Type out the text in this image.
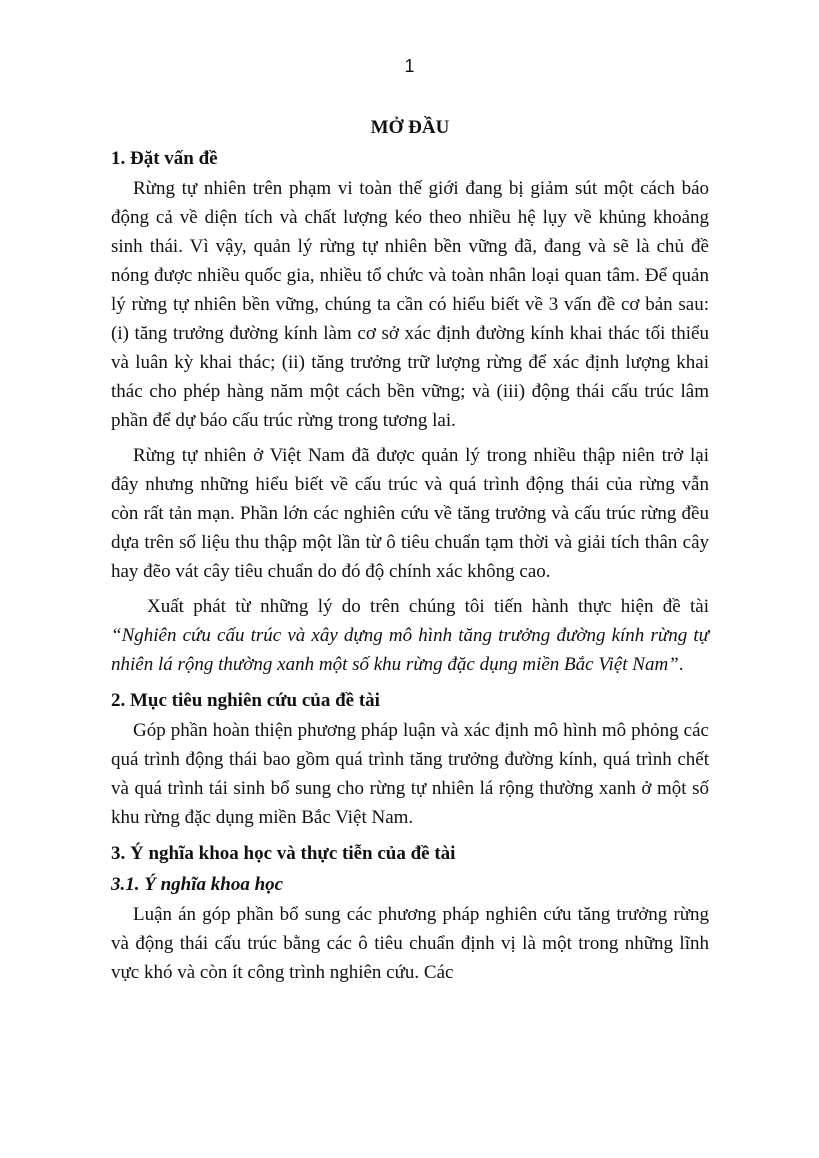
1
MỞ ĐẦU
1. Đặt vấn đề

Rừng tự nhiên trên phạm vi toàn thế giới đang bị giảm sút một cách báo động cả về diện tích và chất lượng kéo theo nhiều hệ lụy về khủng khoảng sinh thái. Vì vậy, quản lý rừng tự nhiên bền vững đã, đang và sẽ là chủ đề nóng được nhiều quốc gia, nhiều tổ chức và toàn nhân loại quan tâm. Để quản lý rừng tự nhiên bền vững, chúng ta cần có hiểu biết về 3 vấn đề cơ bản sau: (i) tăng trưởng đường kính làm cơ sở xác định đường kính khai thác tối thiểu và luân kỳ khai thác; (ii) tăng trưởng trữ lượng rừng để xác định lượng khai thác cho phép hàng năm một cách bền vững; và (iii) động thái cấu trúc lâm phần để dự báo cấu trúc rừng trong tương lai.

Rừng tự nhiên ở Việt Nam đã được quản lý trong nhiều thập niên trở lại đây nhưng những hiểu biết về cấu trúc và quá trình động thái của rừng vẫn còn rất tản mạn. Phần lớn các nghiên cứu về tăng trưởng và cấu trúc rừng đều dựa trên số liệu thu thập một lần từ ô tiêu chuẩn tạm thời và giải tích thân cây hay đẽo vát cây tiêu chuẩn do đó độ chính xác không cao.

Xuất phát từ những lý do trên chúng tôi tiến hành thực hiện đề tài “Nghiên cứu cấu trúc và xây dựng mô hình tăng trưởng đường kính rừng tự nhiên lá rộng thường xanh một số khu rừng đặc dụng miền Bắc Việt Nam”.

2. Mục tiêu nghiên cứu của đề tài

Góp phần hoàn thiện phương pháp luận và xác định mô hình mô phỏng các quá trình động thái bao gồm quá trình tăng trưởng đường kính, quá trình chết và quá trình tái sinh bổ sung cho rừng tự nhiên lá rộng thường xanh ở một số khu rừng đặc dụng miền Bắc Việt Nam.

3. Ý nghĩa khoa học và thực tiễn của đề tài
3.1. Ý nghĩa khoa học

Luận án góp phần bổ sung các phương pháp nghiên cứu tăng trưởng rừng và động thái cấu trúc bằng các ô tiêu chuẩn định vị là một trong những lĩnh vực khó và còn ít công trình nghiên cứu. Các
